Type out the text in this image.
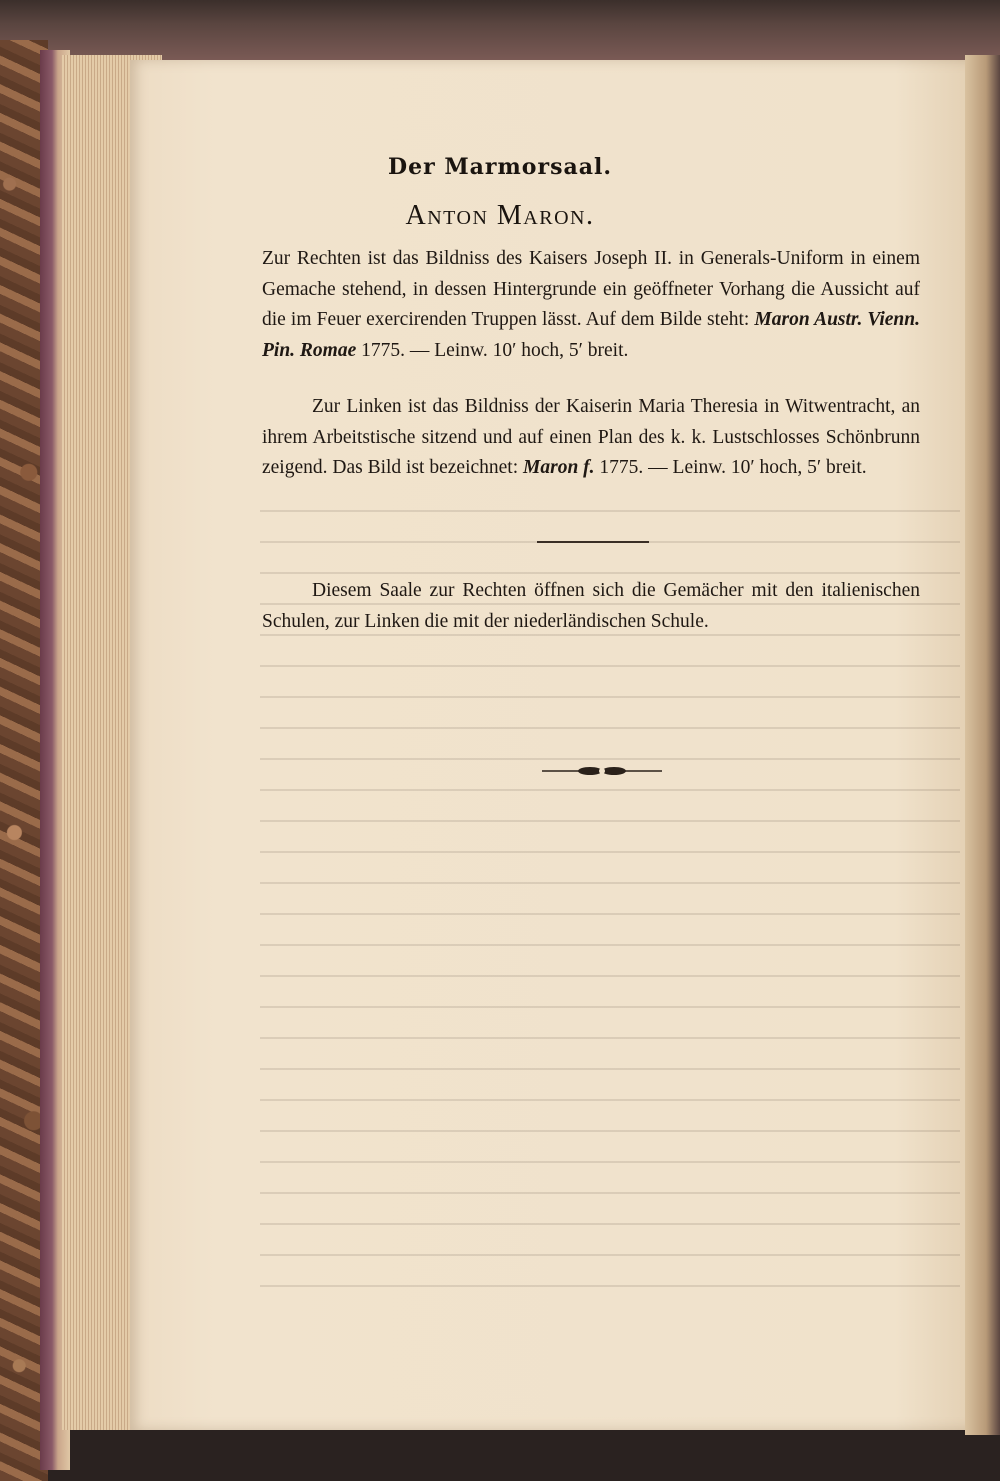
Der Marmorsaal.
Anton Maron.
Zur Rechten ist das Bildniss des Kaisers Joseph II. in Generals-Uniform in einem Gemache stehend, in dessen Hintergrunde ein geöffneter Vorhang die Aussicht auf die im Feuer exercirenden Truppen lässt. Auf dem Bilde steht: Maron Austr. Vienn. Pin. Romae 1775. — Leinw. 10′ hoch, 5′ breit.
Zur Linken ist das Bildniss der Kaiserin Maria Theresia in Witwentracht, an ihrem Arbeitstische sitzend und auf einen Plan des k. k. Lustschlosses Schönbrunn zeigend. Das Bild ist bezeichnet: Maron f. 1775. — Leinw. 10′ hoch, 5′ breit.
Diesem Saale zur Rechten öffnen sich die Gemächer mit den italienischen Schulen, zur Linken die mit der niederländischen Schule.
